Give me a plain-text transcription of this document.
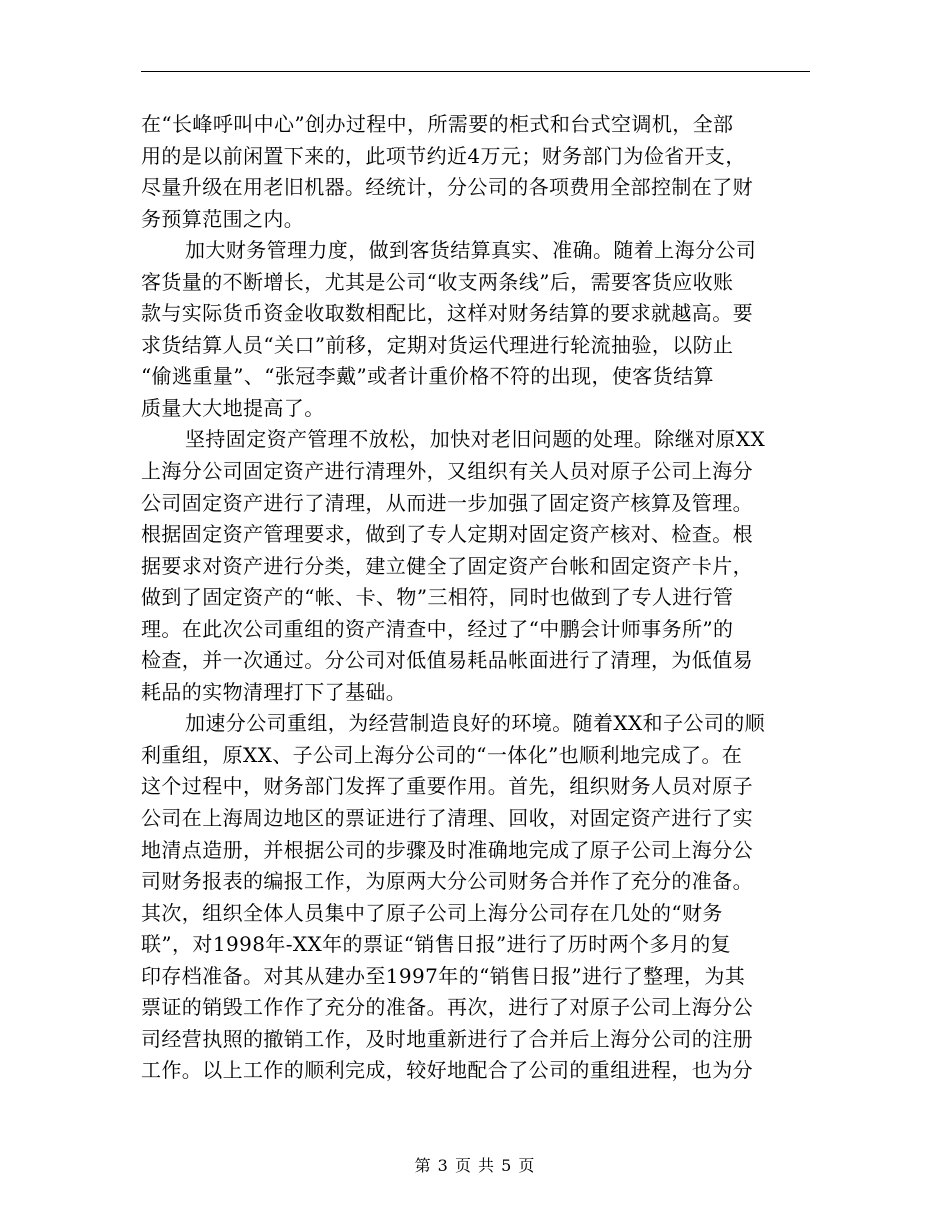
在“长峰呼叫中心”创办过程中，所需要的柜式和台式空调机，全部
用的是以前闲置下来的，此项节约近4万元；财务部门为俭省开支，
尽量升级在用老旧机器。经统计，分公司的各项费用全部控制在了财
务预算范围之内。
加大财务管理力度，做到客货结算真实、准确。随着上海分公司
客货量的不断增长，尤其是公司“收支两条线”后，需要客货应收账
款与实际货币资金收取数相配比，这样对财务结算的要求就越高。要
求货结算人员“关口”前移，定期对货运代理进行轮流抽验，以防止
“偷逃重量”、“张冠李戴”或者计重价格不符的出现，使客货结算
质量大大地提高了。
坚持固定资产管理不放松，加快对老旧问题的处理。除继对原XX
上海分公司固定资产进行清理外，又组织有关人员对原子公司上海分
公司固定资产进行了清理，从而进一步加强了固定资产核算及管理。
根据固定资产管理要求，做到了专人定期对固定资产核对、检查。根
据要求对资产进行分类，建立健全了固定资产台帐和固定资产卡片，
做到了固定资产的“帐、卡、物”三相符，同时也做到了专人进行管
理。在此次公司重组的资产清查中，经过了“中鹏会计师事务所”的
检查，并一次通过。分公司对低值易耗品帐面进行了清理，为低值易
耗品的实物清理打下了基础。
加速分公司重组，为经营制造良好的环境。随着XX和子公司的顺
利重组，原XX、子公司上海分公司的“一体化”也顺利地完成了。在
这个过程中，财务部门发挥了重要作用。首先，组织财务人员对原子
公司在上海周边地区的票证进行了清理、回收，对固定资产进行了实
地清点造册，并根据公司的步骤及时准确地完成了原子公司上海分公
司财务报表的编报工作，为原两大分公司财务合并作了充分的准备。
其次，组织全体人员集中了原子公司上海分公司存在几处的“财务
联”，对1998年-XX年的票证“销售日报”进行了历时两个多月的复
印存档准备。对其从建办至1997年的“销售日报”进行了整理，为其
票证的销毁工作作了充分的准备。再次，进行了对原子公司上海分公
司经营执照的撤销工作，及时地重新进行了合并后上海分公司的注册
工作。以上工作的顺利完成，较好地配合了公司的重组进程，也为分
第 3 页 共 5 页
